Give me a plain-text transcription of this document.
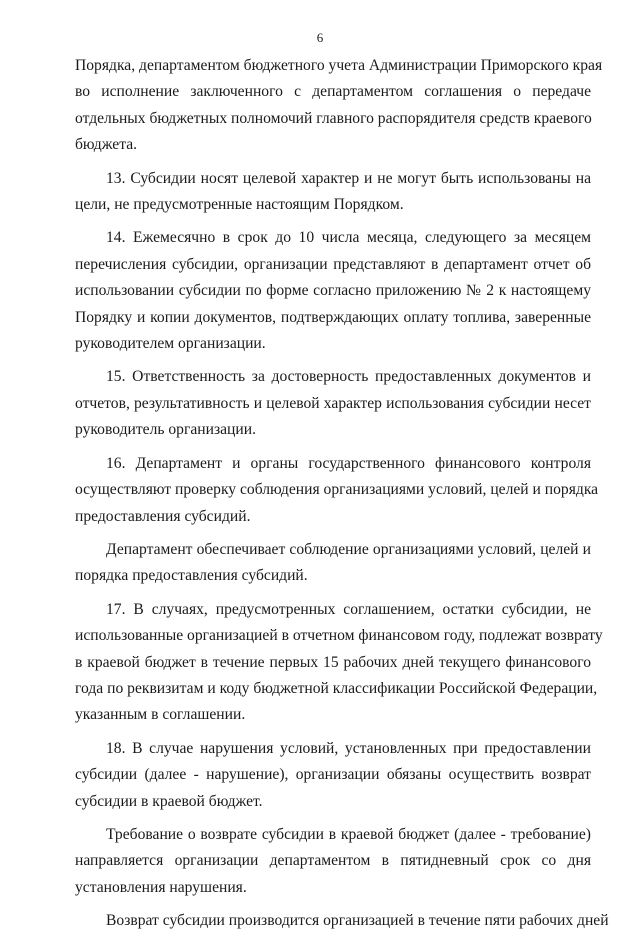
6

Порядка, департаментом бюджетного учета Администрации Приморского края
во исполнение заключенного с департаментом соглашения о передаче
отдельных бюджетных полномочий главного распорядителя средств краевого
бюджета.

13. Субсидии носят целевой характер и не могут быть использованы на
цели, не предусмотренные настоящим Порядком.

14. Ежемесячно в срок до 10 числа месяца, следующего за месяцем
перечисления субсидии, организации представляют в департамент отчет об
использовании субсидии по форме согласно приложению № 2 к настоящему
Порядку и копии документов, подтверждающих оплату топлива, заверенные
руководителем организации.

15. Ответственность за достоверность предоставленных документов и
отчетов, результативность и целевой характер использования субсидии несет
руководитель организации.

16. Департамент и органы государственного финансового контроля
осуществляют проверку соблюдения организациями условий, целей и порядка
предоставления субсидий.

Департамент обеспечивает соблюдение организациями условий, целей и
порядка предоставления субсидий.

17. В случаях, предусмотренных соглашением, остатки субсидии, не
использованные организацией в отчетном финансовом году, подлежат возврату
в краевой бюджет в течение первых 15 рабочих дней текущего финансового
года по реквизитам и коду бюджетной классификации Российской Федерации,
указанным в соглашении.

18. В случае нарушения условий, установленных при предоставлении
субсидии (далее - нарушение), организации обязаны осуществить возврат
субсидии в краевой бюджет.

Требование о возврате субсидии в краевой бюджет (далее - требование)
направляется организации департаментом в пятидневный срок со дня
установления нарушения.

Возврат субсидии производится организацией в течение пяти рабочих дней
